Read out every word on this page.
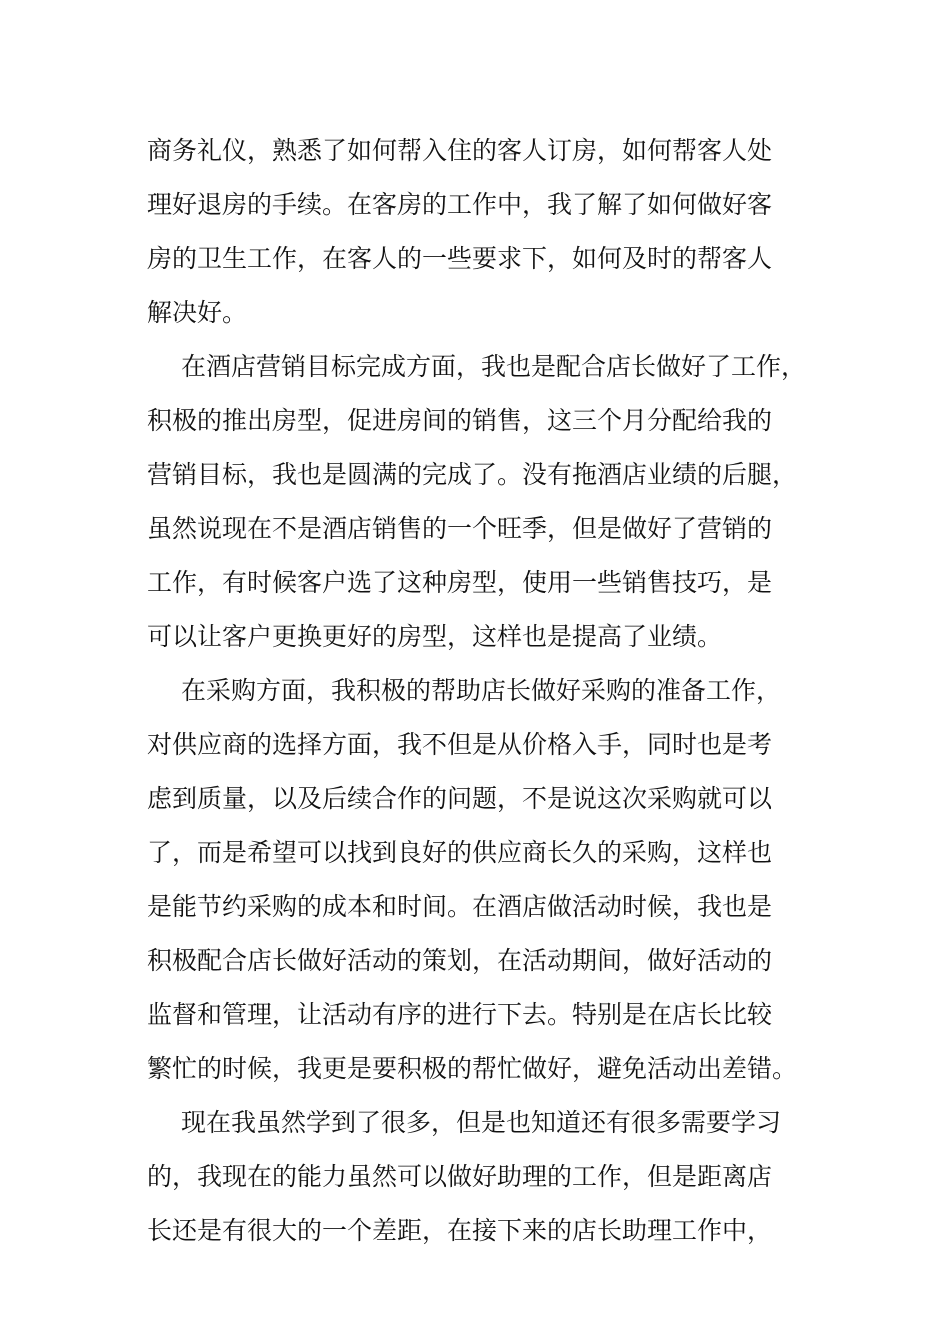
商务礼仪，熟悉了如何帮入住的客人订房，如何帮客人处
理好退房的手续。在客房的工作中，我了解了如何做好客
房的卫生工作，在客人的一些要求下，如何及时的帮客人
解决好。
在酒店营销目标完成方面，我也是配合店长做好了工作，
积极的推出房型，促进房间的销售，这三个月分配给我的
营销目标，我也是圆满的完成了。没有拖酒店业绩的后腿，
虽然说现在不是酒店销售的一个旺季，但是做好了营销的
工作，有时候客户选了这种房型，使用一些销售技巧，是
可以让客户更换更好的房型，这样也是提高了业绩。
在采购方面，我积极的帮助店长做好采购的准备工作，
对供应商的选择方面，我不但是从价格入手，同时也是考
虑到质量，以及后续合作的问题，不是说这次采购就可以
了，而是希望可以找到良好的供应商长久的采购，这样也
是能节约采购的成本和时间。在酒店做活动时候，我也是
积极配合店长做好活动的策划，在活动期间，做好活动的
监督和管理，让活动有序的进行下去。特别是在店长比较
繁忙的时候，我更是要积极的帮忙做好，避免活动出差错。
现在我虽然学到了很多，但是也知道还有很多需要学习
的，我现在的能力虽然可以做好助理的工作，但是距离店
长还是有很大的一个差距，在接下来的店长助理工作中，
